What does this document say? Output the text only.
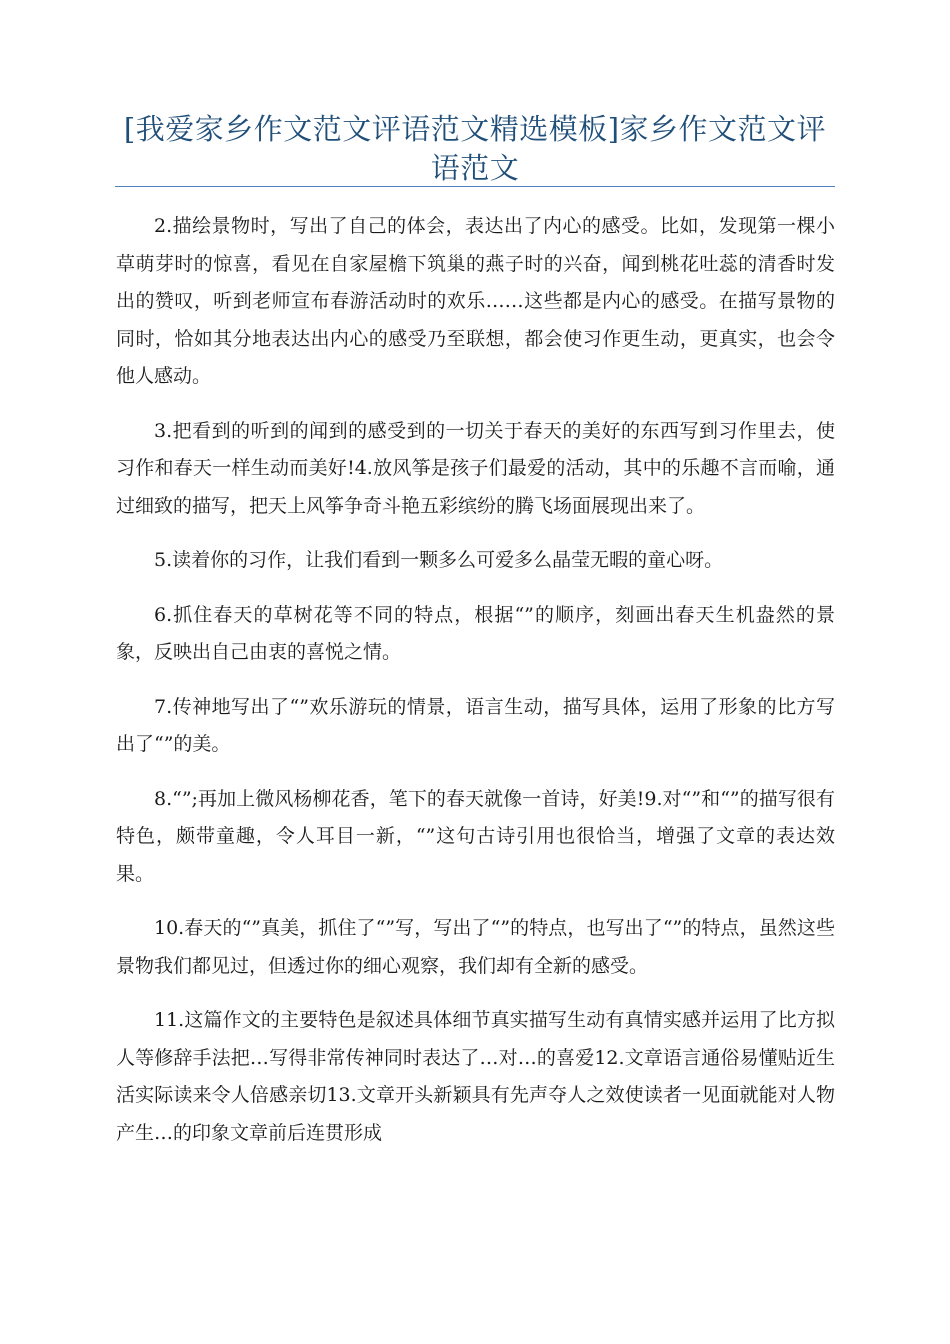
[我爱家乡作文范文评语范文精选模板]家乡作文范文评语范文

2.描绘景物时，写出了自己的体会，表达出了内心的感受。比如，发现第一棵小草萌芽时的惊喜，看见在自家屋檐下筑巢的燕子时的兴奋，闻到桃花吐蕊的清香时发出的赞叹，听到老师宣布春游活动时的欢乐……这些都是内心的感受。在描写景物的同时，恰如其分地表达出内心的感受乃至联想，都会使习作更生动，更真实，也会令他人感动。

3.把看到的听到的闻到的感受到的一切关于春天的美好的东西写到习作里去，使习作和春天一样生动而美好!4.放风筝是孩子们最爱的活动，其中的乐趣不言而喻，通过细致的描写，把天上风筝争奇斗艳五彩缤纷的腾飞场面展现出来了。

5.读着你的习作，让我们看到一颗多么可爱多么晶莹无暇的童心呀。

6.抓住春天的草树花等不同的特点，根据“”的顺序，刻画出春天生机盎然的景象，反映出自己由衷的喜悦之情。

7.传神地写出了“”欢乐游玩的情景，语言生动，描写具体，运用了形象的比方写出了“”的美。

8.“”;再加上微风杨柳花香，笔下的春天就像一首诗，好美!9.对“”和“”的描写很有特色，颇带童趣，令人耳目一新，“”这句古诗引用也很恰当，增强了文章的表达效果。

10.春天的“”真美，抓住了“”写，写出了“”的特点，也写出了“”的特点，虽然这些景物我们都见过，但透过你的细心观察，我们却有全新的感受。

11.这篇作文的主要特色是叙述具体细节真实描写生动有真情实感并运用了比方拟人等修辞手法把…写得非常传神同时表达了…对…的喜爱12.文章语言通俗易懂贴近生活实际读来令人倍感亲切13.文章开头新颖具有先声夺人之效使读者一见面就能对人物产生…的印象文章前后连贯形成
